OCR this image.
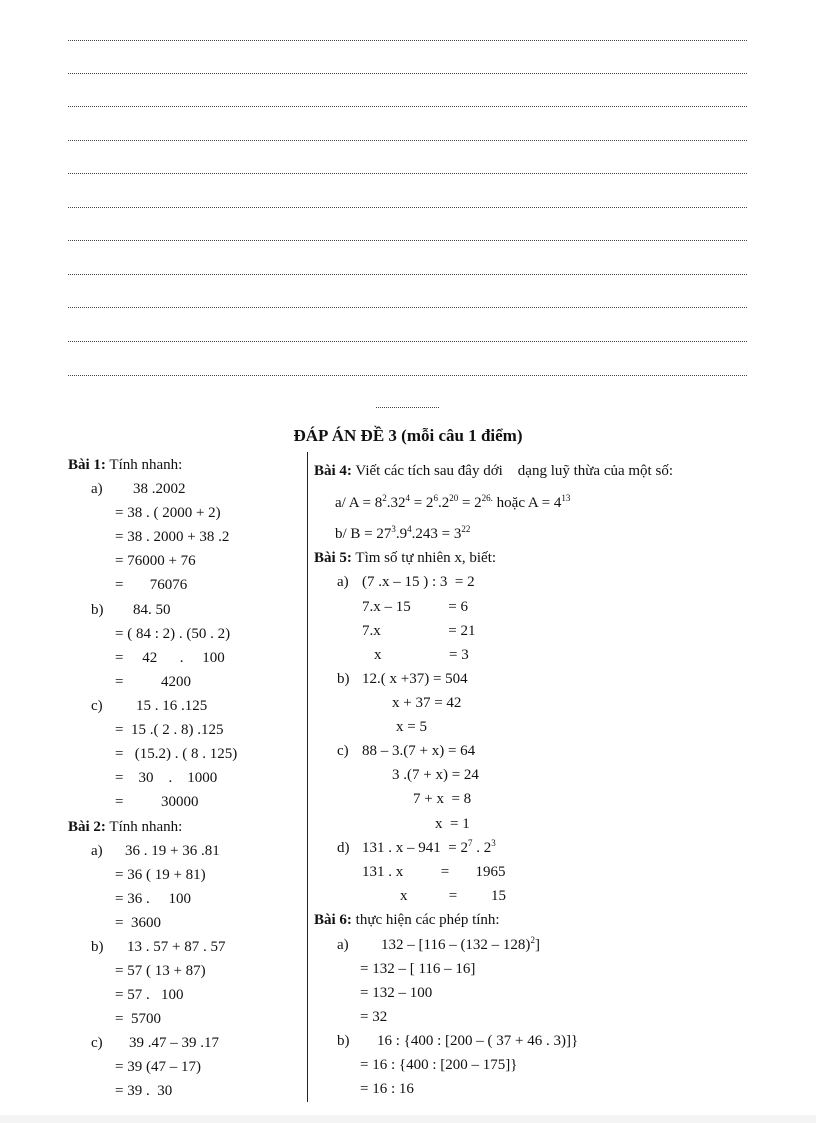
ĐÁP ÁN ĐỀ 3 (mỗi câu 1 điểm)
Bài 1: Tính nhanh:
a) 38 .2002
= 38 . ( 2000 + 2)
= 38 . 2000 + 38 .2
= 76000 + 76
=       76076
b) 84. 50
= ( 84 : 2) . (50 . 2)
=     42      .     100
=          4200
c) 15 . 16 .125
=  15 .( 2 . 8) .125
=   (15.2) . ( 8 . 125)
=    30    .    1000
=          30000
Bài 2: Tính nhanh:
a) 36 . 19 + 36 .81
= 36 ( 19 + 81)
= 36 .     100
=  3600
b) 13 . 57 + 87 . 57
= 57 ( 13 + 87)
= 57 .   100
=  5700
c) 39 .47 – 39 .17
= 39 (47 – 17)
= 39 .  30
Bài 4: Viết các tích sau đây dới    dạng luỹ thừa của một số:
a/ $A = 8^2.32^4 = 2^6.2^{20} = 2^{26.}$ hoặc $A = 4^{13}$
b/ $B = 27^3.9^4.243 = 3^{22}$
Bài 5: Tìm số tự nhiên x, biết:
a) (7 .x – 15 ) : 3  = 2
7.x – 15          = 6
7.x                  = 21
x                  = 3
b) 12.( x +37) = 504
x + 37 = 42
x = 5
c) 88 – 3.(7 + x) = 64
3 .(7 + x) = 24
7 + x  = 8
x  = 1
d) 131 . $x - 941 = 2^7$ . $2^3$
131 . x          =       1965
x           =         15
Bài 6: thực hiện các phép tính:
a) 132 – [116 – (132 – 128)$^2$]
= 132 – [ 116 – 16]
= 132 – 100
= 32
b) 16 : {400 : [200 – ( 37 + 46 . 3)]}
= 16 : {400 : [200 – 175]}
= 16 : 16
